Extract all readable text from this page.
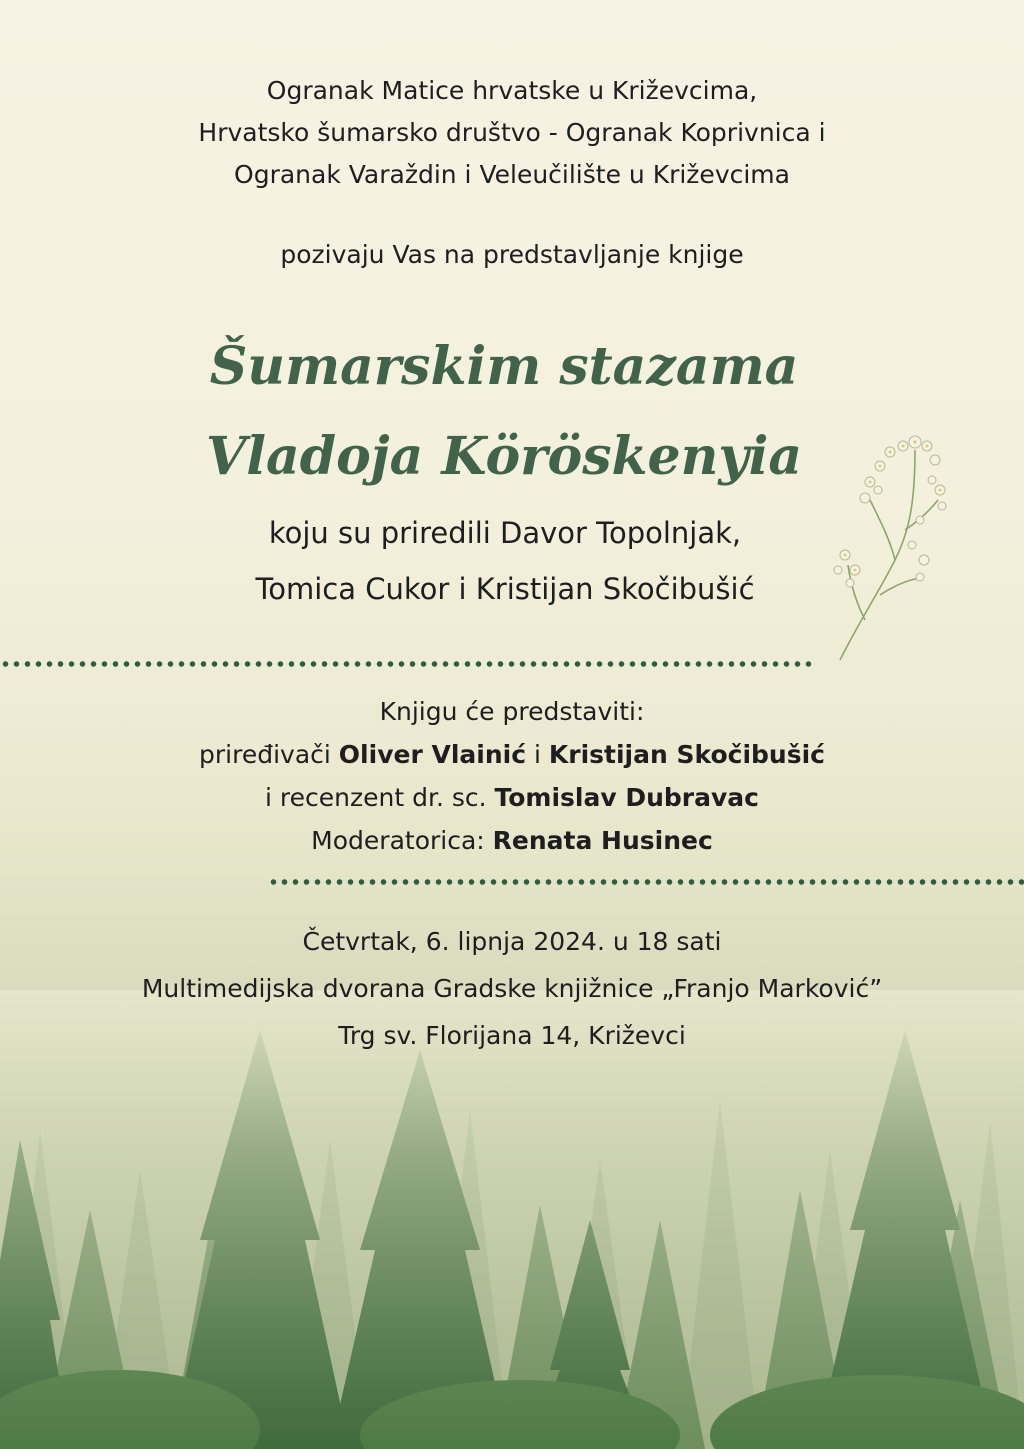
Ogranak Matice hrvatske u Križevcima,
Hrvatsko šumarsko društvo - Ogranak Koprivnica i
Ogranak Varaždin i Veleučilište u Križevcima
pozivaju Vas na predstavljanje knjige
Šumarskim stazama
Vladoja Köröskenyia
koju su priredili Davor Topolnjak,
Tomica Cukor i Kristijan Skočibušić
Knjigu će predstaviti:
priređivači Oliver Vlainić i Kristijan Skočibušić
i recenzent dr. sc. Tomislav Dubravac
Moderatorica: Renata Husinec
Četvrtak, 6. lipnja 2024. u 18 sati
Multimedijska dvorana Gradske knjižnice „Franjo Marković”
Trg sv. Florijana 14, Križevci
